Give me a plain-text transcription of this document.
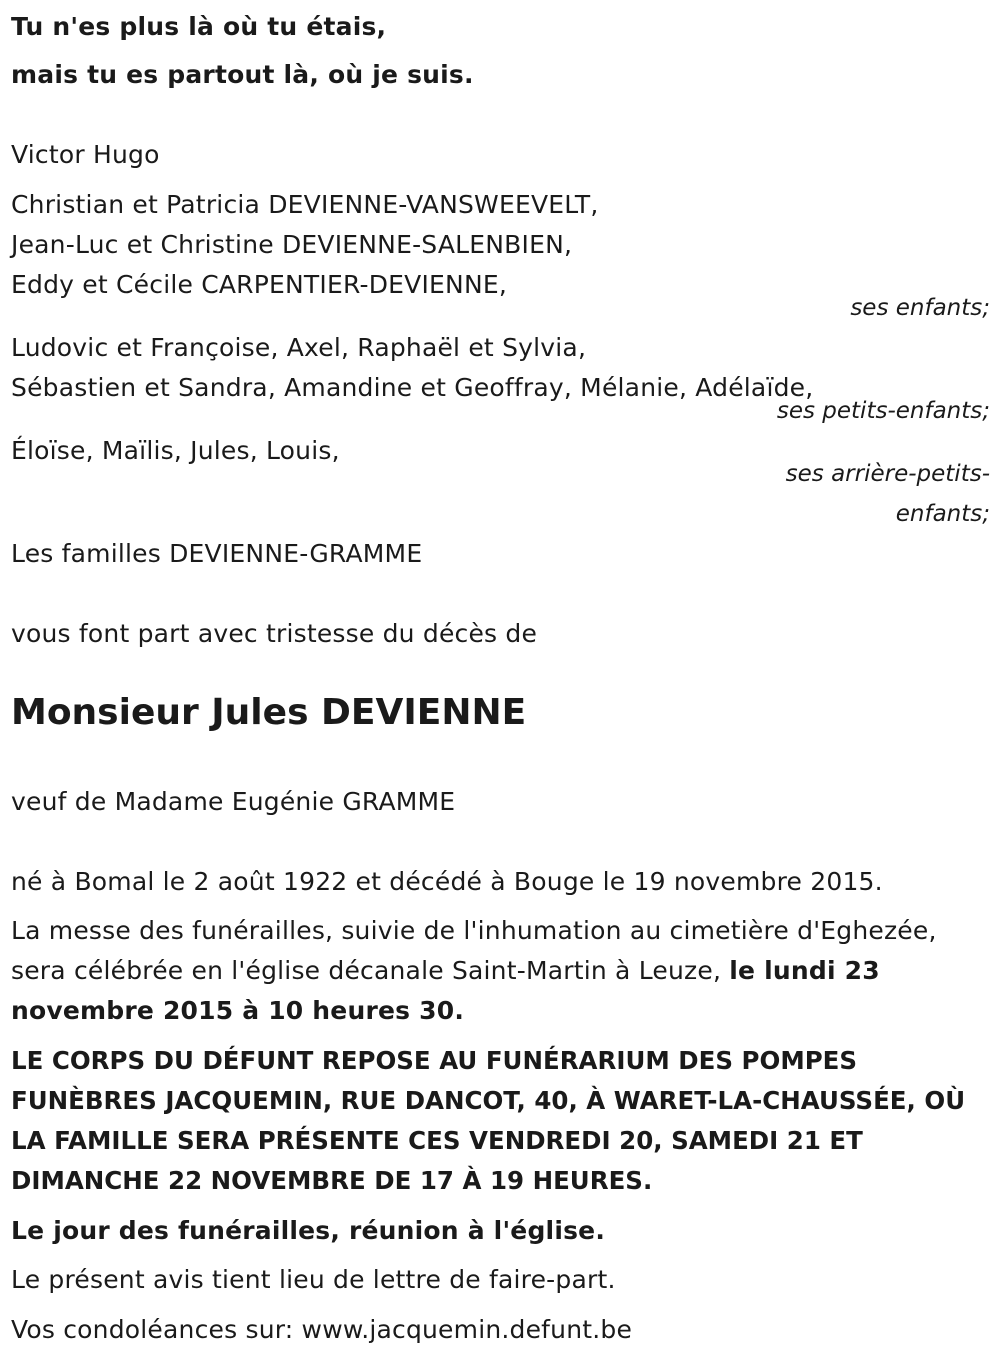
Tu n'es plus là où tu étais,
mais tu es partout là, où je suis.
Victor Hugo
Christian et Patricia DEVIENNE-VANSWEEVELT,
Jean-Luc et Christine DEVIENNE-SALENBIEN,
Eddy et Cécile CARPENTIER-DEVIENNE,
ses enfants;
Ludovic et Françoise, Axel, Raphaël et Sylvia,
Sébastien et Sandra, Amandine et Geoffray, Mélanie, Adélaïde,
ses petits-enfants;
Éloïse, Maïlis, Jules, Louis,
ses arrière-petits-
enfants;
Les familles DEVIENNE-GRAMME
vous font part avec tristesse du décès de
Monsieur Jules DEVIENNE
veuf de Madame Eugénie GRAMME
né à Bomal le 2 août 1922 et décédé à Bouge le 19 novembre 2015.
La messe des funérailles, suivie de l'inhumation au cimetière d'Eghezée,
sera célébrée en l'église décanale Saint-Martin à Leuze, le lundi 23
novembre 2015 à 10 heures 30.
LE CORPS DU DÉFUNT REPOSE AU FUNÉRARIUM DES POMPES FUNÈBRES JACQUEMIN, RUE DANCOT, 40, À WARET-LA-CHAUSSÉE, OÙ LA FAMILLE SERA PRÉSENTE CES VENDREDI 20, SAMEDI 21 ET DIMANCHE 22 NOVEMBRE DE 17 À 19 HEURES.
Le jour des funérailles, réunion à l'église.
Le présent avis tient lieu de lettre de faire-part.
Vos condoléances sur: www.jacquemin.defunt.be
